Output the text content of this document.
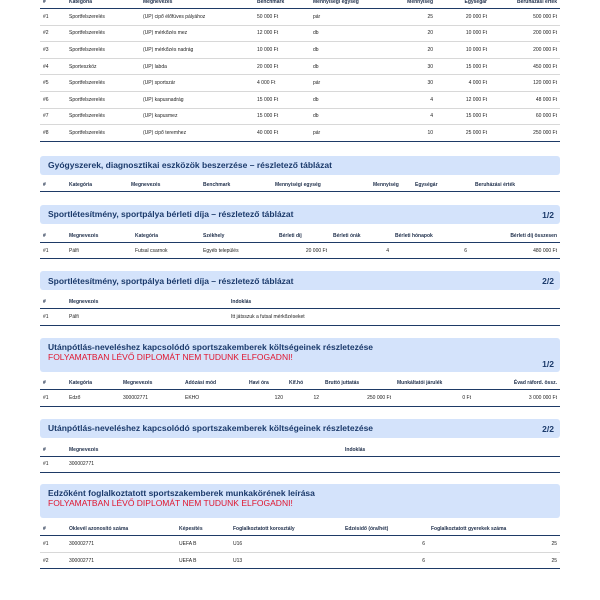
#	Kategória	Megnevezés	Benchmark	Mennyiségi egység	Mennyiség	Egységár	Beruházási érték
#1	Sportfelszerelés	(UP) cipő élőfüves pályához	50 000 Ft	pár	25	20 000 Ft	500 000 Ft
#2	Sportfelszerelés	(UP) mérkőzés mez	12 000 Ft	db	20	10 000 Ft	200 000 Ft
#3	Sportfelszerelés	(UP) mérkőzés nadrág	10 000 Ft	db	20	10 000 Ft	200 000 Ft
#4	Sporteszköz	(UP) labda	20 000 Ft	db	30	15 000 Ft	450 000 Ft
#5	Sportfelszerelés	(UP) sportszár	4 000 Ft	pár	30	4 000 Ft	120 000 Ft
#6	Sportfelszerelés	(UP) kapusnadrág	15 000 Ft	db	4	12 000 Ft	48 000 Ft
#7	Sportfelszerelés	(UP) kapusmez	15 000 Ft	db	4	15 000 Ft	60 000 Ft
#8	Sportfelszerelés	(UP) cipő teremhez	40 000 Ft	pár	10	25 000 Ft	250 000 Ft
Gyógyszerek, diagnosztikai eszközök beszerzése – részletező táblázat
#	Kategória	Megnevezés	Benchmark	Mennyiségi egység	Mennyiség	Egységár	Beruházási érték
Sportlétesítmény, sportpálya bérleti díja – részletező táblázat	1/2
#	Megnevezés	Kategória	Székhely	Bérleti díj	Bérleti órák	Bérleti hónapok	Bérleti díj összesen
#1	Pálfi	Futsal csarnok	Egyéb település	20 000 Ft	4	6	480 000 Ft
Sportlétesítmény, sportpálya bérleti díja – részletező táblázat	2/2
#	Megnevezés	Indoklás
#1	Pálfi	Itt játsszuk a futsal mérkőzéseket
Utánpótlás-neveléshez kapcsolódó sportszakemberek költségeinek részletezése
FOLYAMATBAN LÉVŐ DIPLOMÁT NEM TUDUNK ELFOGADNI!
1/2
#	Kategória	Megnevezés	Adózási mód	Havi óra	Kif.hó	Bruttó juttatás	Munkáltatói járulék	Évad ráford. össz.
#1	Edző	300002771	EKHO	120	12	250 000 Ft	0 Ft	3 000 000 Ft
Utánpótlás-neveléshez kapcsolódó sportszakemberek költségeinek részletezése	2/2
#	Megnevezés	Indoklás
#1	300002771	
Edzőként foglalkoztatott sportszakemberek munkakörének leírása
FOLYAMATBAN LÉVŐ DIPLOMÁT NEM TUDUNK ELFOGADNI!
#	Oklevél azonosító száma	Képesítés	Foglalkoztatott korosztály	Edzésidő (óra/hét)	Foglalkoztatott gyerekek száma
#1	300002771	UEFA B	U16	6	25
#2	300002771	UEFA B	U13	6	25
